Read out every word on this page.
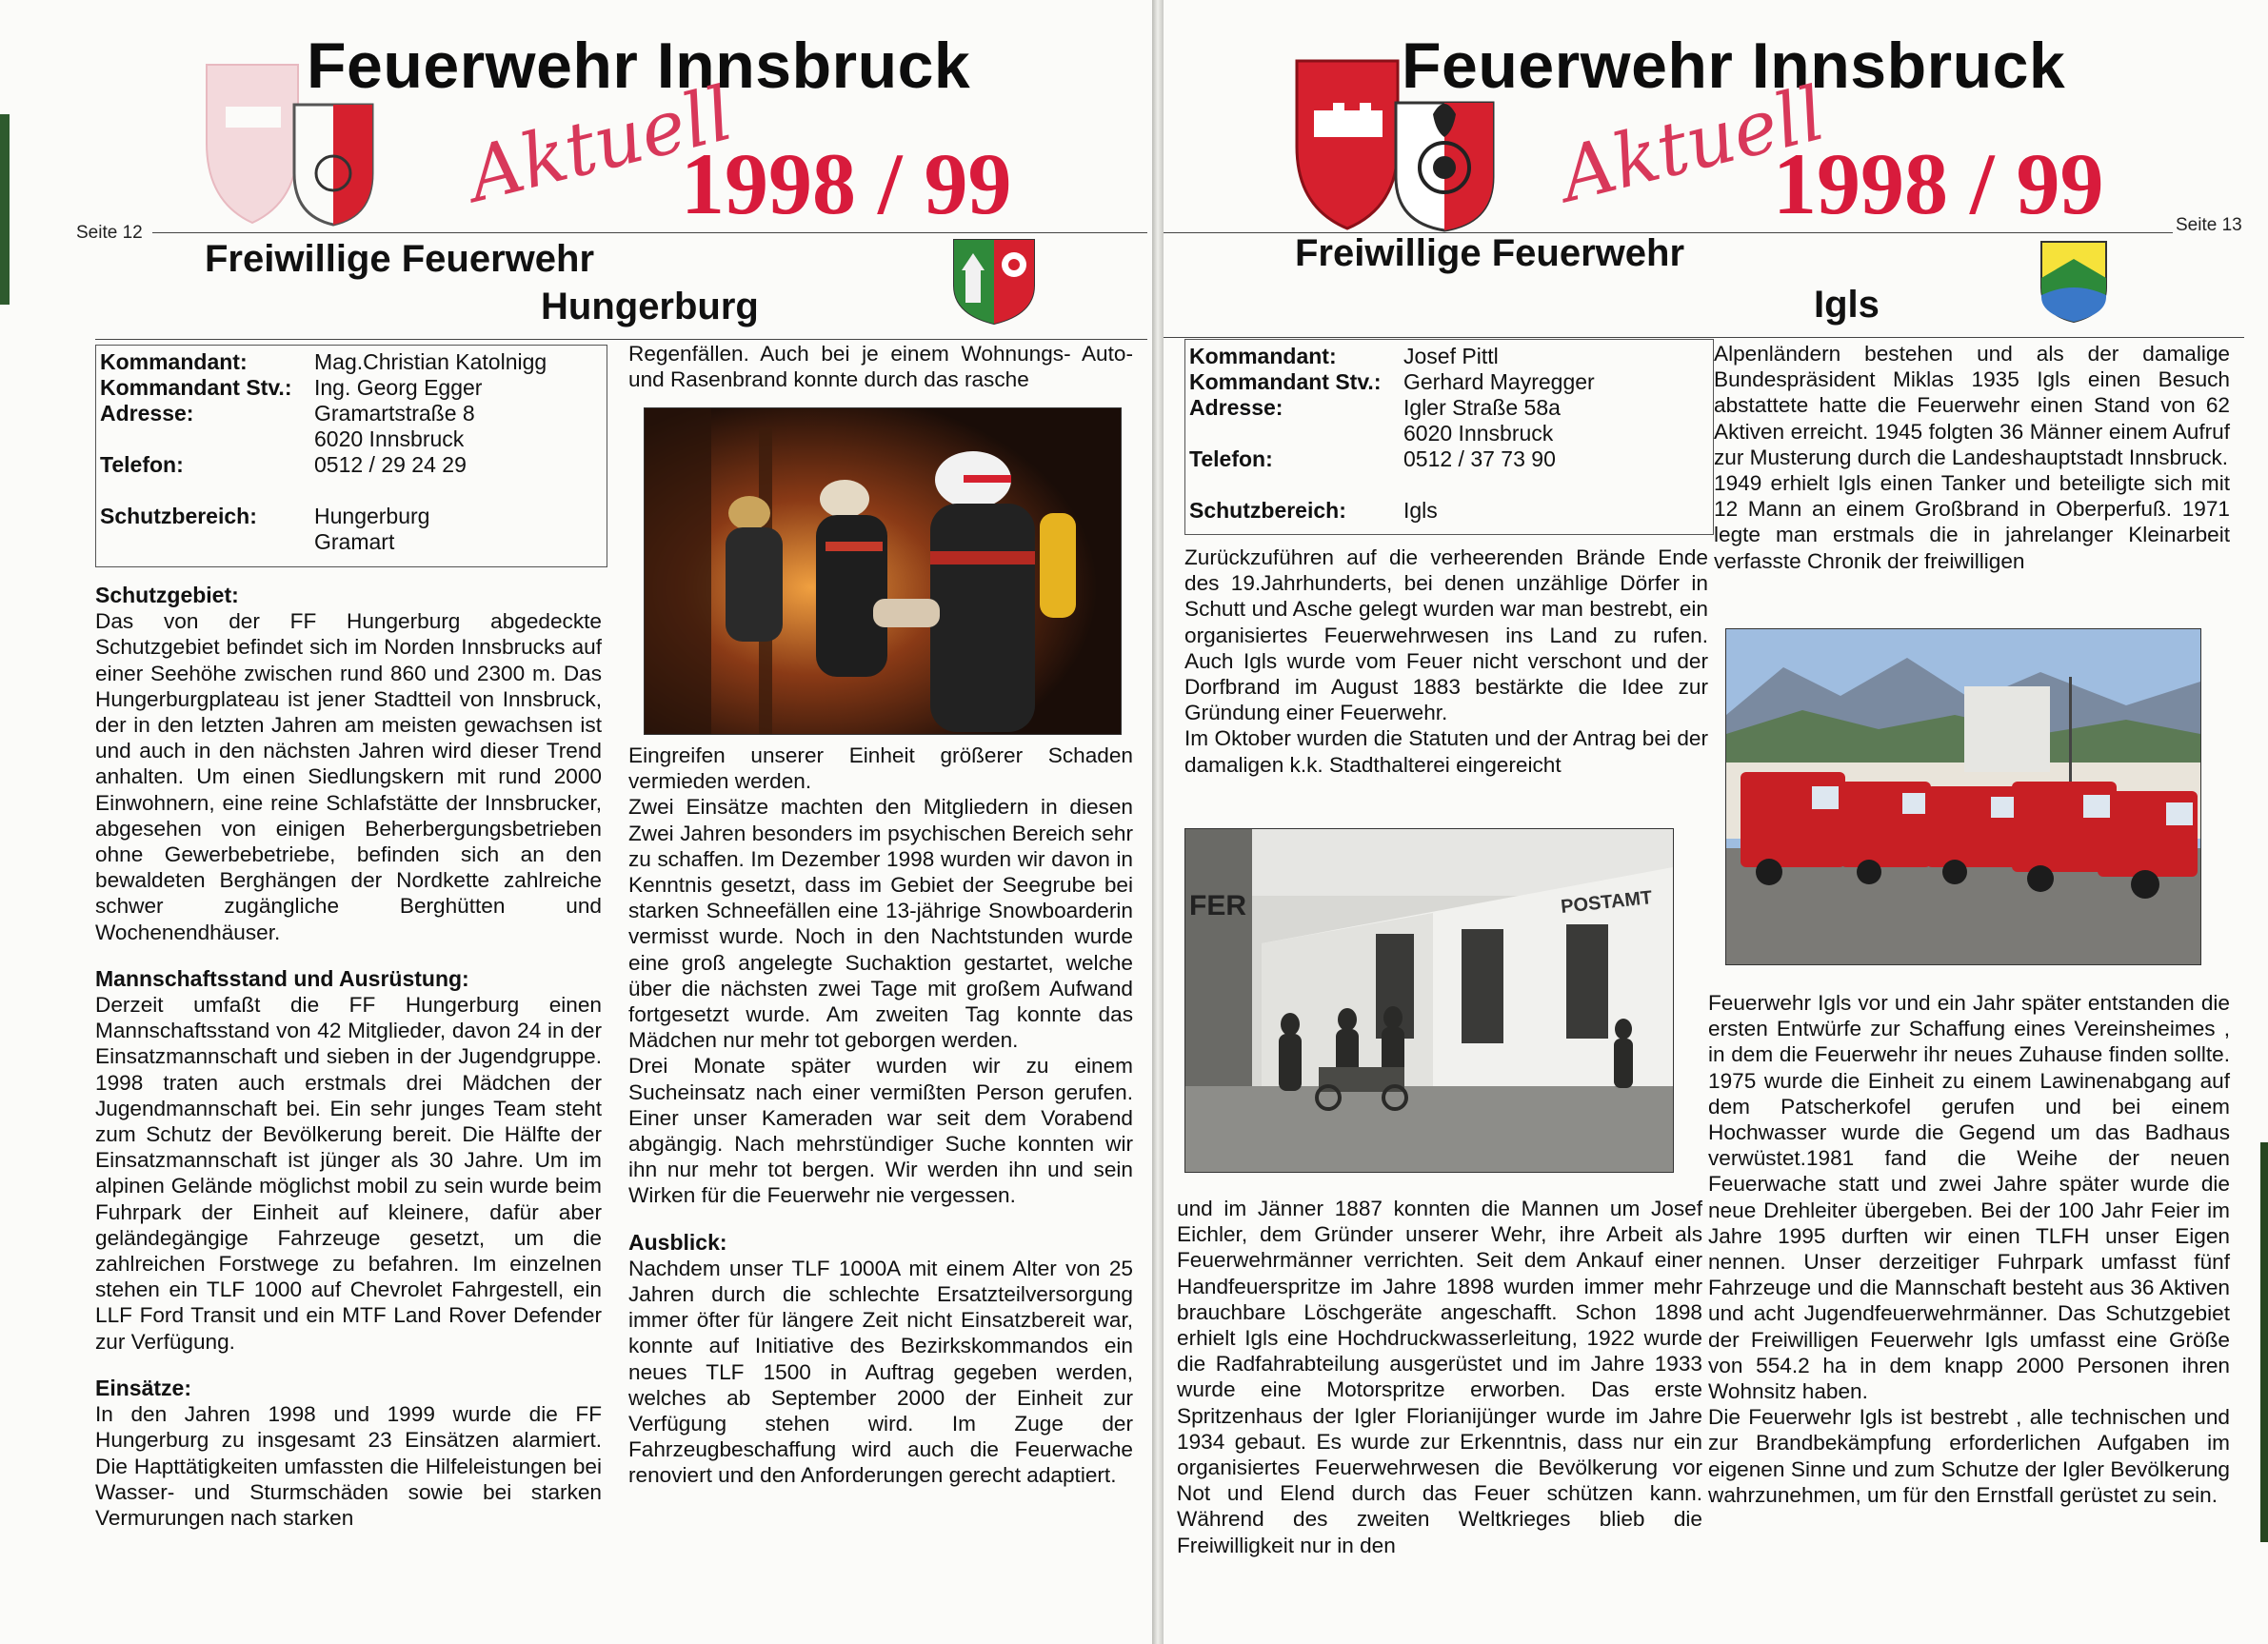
Feuerwehr Innsbruck
Aktuell
1998 / 99
Seite 12
Freiwillige Feuerwehr
Hungerburg
Kommandant:	Mag.Christian Katolnigg
Kommandant Stv.:	Ing. Georg Egger
Adresse:	Gramartstraße 8
6020 Innsbruck
Telefon:	0512 / 29 24 29
Schutzbereich:	Hungerburg
Gramart
Schutzgebiet:

Das von der FF Hungerburg abgedeckte Schutzgebiet befindet sich im Norden Innsbrucks auf einer Seehöhe zwischen rund 860 und 2300 m. Das Hungerburgplateau ist jener Stadtteil von Innsbruck, der in den letzten Jahren am meisten gewachsen ist und auch in den nächsten Jahren wird dieser Trend anhalten. Um einen Siedlungskern mit rund 2000 Einwohnern, eine reine Schlafstätte der Innsbrucker, abgesehen von einigen Beherbergungsbetrieben ohne Gewerbebetriebe, befinden sich an den bewaldeten Berghängen der Nordkette zahlreiche schwer zugängliche Berghütten und Wochenendhäuser.

Mannschaftsstand und Ausrüstung:

Derzeit umfaßt die FF Hungerburg einen Mannschaftsstand von 42 Mitglieder, davon 24 in der Einsatzmannschaft und sieben in der Jugendgruppe. 1998 traten auch erstmals drei Mädchen der Jugendmannschaft bei. Ein sehr junges Team steht zum Schutz der Bevölkerung bereit. Die Hälfte der Einsatzmannschaft ist jünger als 30 Jahre. Um im alpinen Gelände möglichst mobil zu sein wurde beim Fuhrpark der Einheit auf kleinere, dafür aber geländegängige Fahrzeuge gesetzt, um die zahlreichen Forstwege zu befahren. Im einzelnen stehen ein TLF 1000 auf Chevrolet Fahrgestell, ein LLF Ford Transit und ein MTF Land Rover Defender zur Verfügung.

Einsätze:

In den Jahren 1998 und 1999 wurde die FF Hungerburg zu insgesamt 23 Einsätzen alarmiert. Die Hapttätigkeiten umfassten die Hilfeleistungen bei Wasser- und Sturmschäden sowie bei starken Vermurungen nach starken

Regenfällen. Auch bei je einem Wohnungs- Auto- und Rasenbrand konnte durch das rasche

Eingreifen unserer Einheit größerer Schaden vermieden werden.

Zwei Einsätze machten den Mitgliedern in diesen Zwei Jahren besonders im psychischen Bereich sehr zu schaffen. Im Dezember 1998 wurden wir davon in Kenntnis gesetzt, dass im Gebiet der Seegrube bei starken Schneefällen eine 13-jährige Snowboarderin vermisst wurde. Noch in den Nachtstunden wurde eine groß angelegte Suchaktion gestartet, welche über die nächsten zwei Tage mit großem Aufwand fortgesetzt wurde. Am zweiten Tag konnte das Mädchen nur mehr tot geborgen werden.

Drei Monate später wurden wir zu einem Sucheinsatz nach einer vermißten Person gerufen. Einer unser Kameraden war seit dem Vorabend abgängig. Nach mehrstündiger Suche konnten wir ihn nur mehr tot bergen. Wir werden ihn und sein Wirken für die Feuerwehr nie vergessen.

Ausblick:

Nachdem unser TLF 1000A mit einem Alter von 25 Jahren durch die schlechte Ersatzteilversorgung immer öfter für längere Zeit nicht Einsatzbereit war, konnte auf Initiative des Bezirkskommandos ein neues TLF 1500 in Auftrag gegeben werden, welches ab September 2000 der Einheit zur Verfügung stehen wird. Im Zuge der Fahrzeugbeschaffung wird auch die Feuerwache renoviert und den Anforderungen gerecht adaptiert.

Feuerwehr Innsbruck
Aktuell
1998 / 99	Seite 13
Freiwillige Feuerwehr
Igls
Kommandant:	Josef Pittl
Kommandant Stv.:	Gerhard Mayregger
Adresse:	Igler Straße 58a
6020 Innsbruck
Telefon:	0512 / 37 73 90
Schutzbereich:	Igls

Zurückzuführen auf die verheerenden Brände Ende des 19.Jahrhunderts, bei denen unzählige Dörfer in Schutt und Asche gelegt wurden war man bestrebt, ein organisiertes Feuerwehrwesen ins Land zu rufen. Auch Igls wurde vom Feuer nicht verschont und der Dorfbrand im August 1883 bestärkte die Idee zur Gründung einer Feuerwehr.

Im Oktober wurden die Statuten und der Antrag bei der damaligen k.k. Stadthalterei eingereicht

FER	POSTAMT

und im Jänner 1887 konnten die Mannen um Josef Eichler, dem Gründer unserer Wehr, ihre Arbeit als Feuerwehrmänner verrichten. Seit dem Ankauf einer Handfeuerspritze im Jahre 1898 wurden immer mehr brauchbare Löschgeräte angeschafft. Schon 1898 erhielt Igls eine Hochdruckwasserleitung, 1922 wurde die Radfahrabteilung ausgerüstet und im Jahre 1933 wurde eine Motorspritze erworben. Das erste Spritzenhaus der Igler Florianijünger wurde im Jahre 1934 gebaut. Es wurde zur Erkenntnis, dass nur ein organisiertes Feuerwehrwesen die Bevölkerung vor Not und Elend durch das Feuer schützen kann. Während des zweiten Weltkrieges blieb die Freiwilligkeit nur in den

Alpenländern bestehen und als der damalige Bundespräsident Miklas 1935 Igls einen Besuch abstattete hatte die Feuerwehr einen Stand von 62 Aktiven erreicht. 1945 folgten 36 Männer einem Aufruf zur Musterung durch die Landeshauptstadt Innsbruck.

1949 erhielt Igls einen Tanker und beteiligte sich mit 12 Mann an einem Großbrand in Oberperfuß. 1971 legte man erstmals die in jahrelanger Kleinarbeit verfasste Chronik der freiwilligen

Feuerwehr Igls vor und ein Jahr später entstanden die ersten Entwürfe zur Schaffung eines Vereinsheimes , in dem die Feuerwehr ihr neues Zuhause finden sollte. 1975 wurde die Einheit zu einem Lawinenabgang auf dem Patscherkofel gerufen und bei einem Hochwasser wurde die Gegend um das Badhaus verwüstet.1981 fand die Weihe der neuen Feuerwache statt und zwei Jahre später wurde die neue Drehleiter übergeben. Bei der 100 Jahr Feier im Jahre 1995 durften wir einen TLFH unser Eigen nennen. Unser derzeitiger Fuhrpark umfasst fünf Fahrzeuge und die Mannschaft besteht aus 36 Aktiven und acht Jugendfeuerwehrmänner. Das Schutzgebiet der Freiwilligen Feuerwehr Igls umfasst eine Größe von 554.2 ha in dem knapp 2000 Personen ihren Wohnsitz haben.

Die Feuerwehr Igls ist bestrebt , alle technischen und zur Brandbekämpfung erforderlichen Aufgaben im eigenen Sinne und zum Schutze der Igler Bevölkerung wahrzunehmen, um für den Ernstfall gerüstet zu sein.
